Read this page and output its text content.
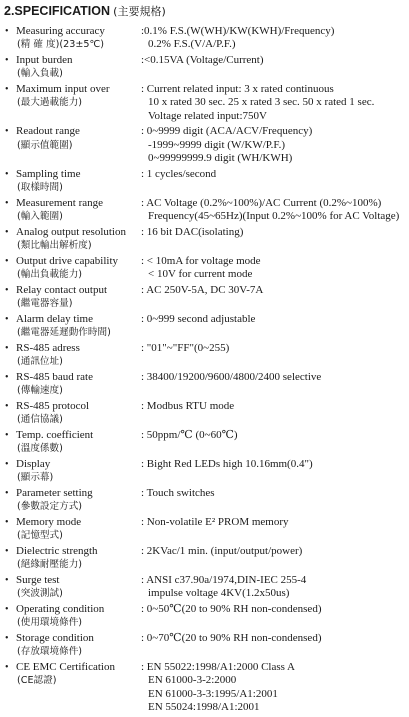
2.SPECIFICATION (主要規格)
• Measuring accuracy
(精 確 度)(23±5℃)
:0.1% F.S.(W(WH)/KW(KWH)/Frequency)
0.2% F.S.(V/A/P.F.)
• Input burden
(輸入負載)
:<0.15VA (Voltage/Current)

• Maximum input over
(最大過載能力)
: Current related input: 3 x rated continuous
10 x rated 30 sec. 25 x rated 3 sec. 50 x rated 1 sec.
Voltage related input:750V
• Readout range
(顯示值範圍)
: 0~9999 digit (ACA/ACV/Frequency)
-1999~9999 digit (W/KW/P.F.)
0~99999999.9 digit (WH/KWH)
• Sampling time
(取樣時間)
: 1 cycles/second

• Measurement range
(輸入範圍)
: AC Voltage (0.2%~100%)/AC Current (0.2%~100%)
Frequency(45~65Hz)(Input 0.2%~100% for AC Voltage)
• Analog output resolution
(類比輸出解析度)
: 16 bit DAC(isolating)

• Output drive capability
(輸出負載能力)
: < 10mA for voltage mode
< 10V for current mode
• Relay contact output
(繼電器容量)
: AC 250V-5A, DC 30V-7A

• Alarm delay time
(繼電器延遲動作時間)
: 0~999 second adjustable

• RS-485 adress
(通訊位址)
: "01"~"FF"(0~255)

• RS-485 baud rate
(傳輸速度)
: 38400/19200/9600/4800/2400 selective

• RS-485 protocol
(通信協議)
: Modbus RTU mode

• Temp. coefficient
(溫度係數)
: 50ppm/℃ (0~60℃)

• Display
(顯示幕)
: Bight Red LEDs high 10.16mm(0.4")

• Parameter setting
(參數設定方式)
: Touch switches

• Memory mode
(記憶型式)
: Non-volatile E² PROM memory

• Dielectric strength
(絕緣耐壓能力)
: 2KVac/1 min. (input/output/power)

• Surge test
(突波測試)
: ANSI c37.90a/1974,DIN-IEC 255-4
impulse voltage 4KV(1.2x50us)
• Operating condition
(使用環境條件)
: 0~50℃(20 to 90% RH non-condensed)

• Storage condition
(存放環境條件)
: 0~70℃(20 to 90% RH non-condensed)

• CE EMC Certification
(CE認證)
: EN 55022:1998/A1:2000 Class A
EN 61000-3-2:2000
EN 61000-3-3:1995/A1:2001
EN 55024:1998/A1:2001
